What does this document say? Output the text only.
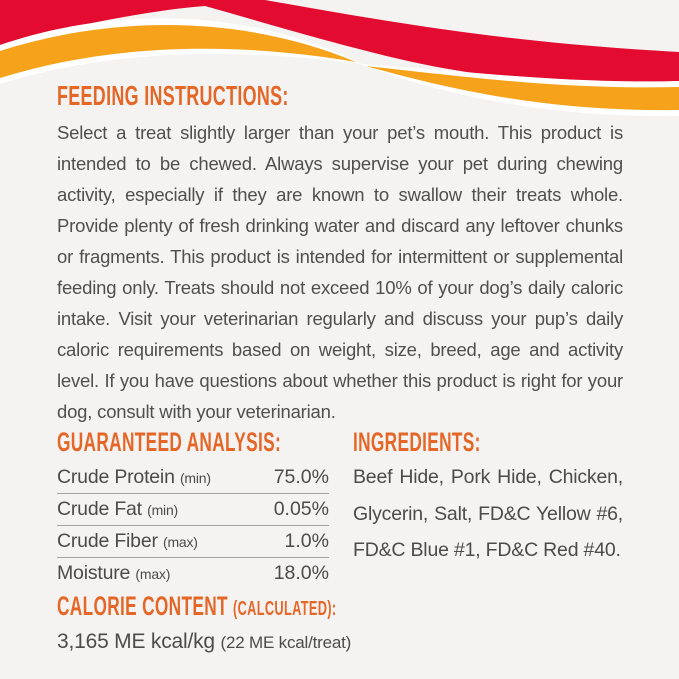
FEEDING INSTRUCTIONS:

Select a treat slightly larger than your pet’s mouth. This product is intended to be chewed. Always supervise your pet during chewing activity, especially if they are known to swallow their treats whole. Provide plenty of fresh drinking water and discard any leftover chunks or fragments. This product is intended for intermittent or supplemental feeding only. Treats should not exceed 10% of your dog’s daily caloric intake. Visit your veterinarian regularly and discuss your pup’s daily caloric requirements based on weight, size, breed, age and activity level. If you have questions about whether this product is right for your dog, consult with your veterinarian.

GUARANTEED ANALYSIS:
Crude Protein (min)	75.0%
Crude Fat (min)	0.05%
Crude Fiber (max)	1.0%
Moisture (max)	18.0%
INGREDIENTS:

Beef Hide, Pork Hide, Chicken, Glycerin, Salt, FD&C Yellow #6, FD&C Blue #1, FD&C Red #40.

CALORIE CONTENT (CALCULATED):
3,165 ME kcal/kg (22 ME kcal/treat)
